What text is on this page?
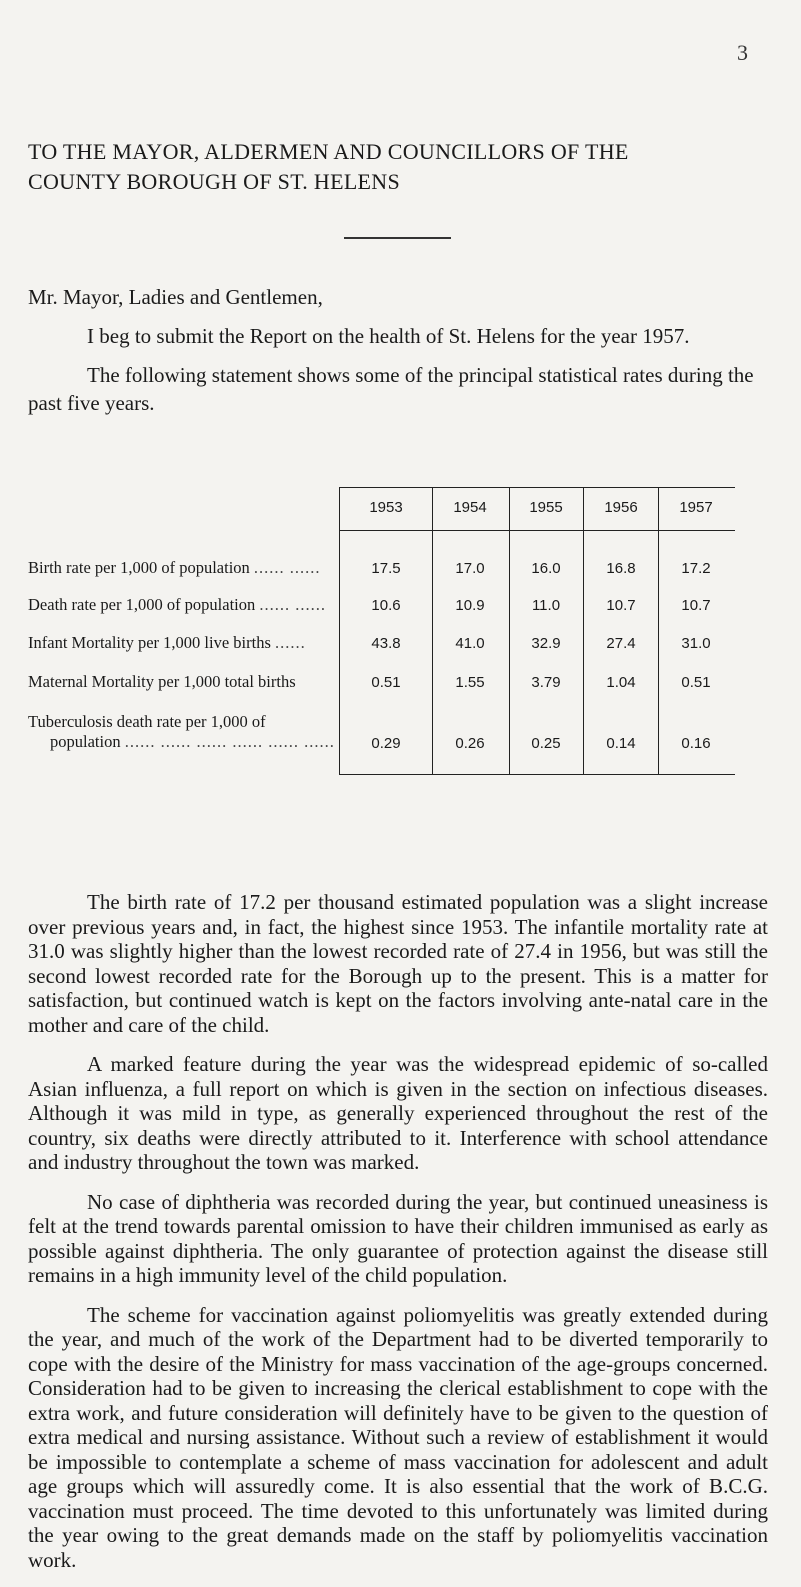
3
TO THE MAYOR, ALDERMEN AND COUNCILLORS OF THE
COUNTY BOROUGH OF ST. HELENS
Mr. Mayor, Ladies and Gentlemen,

I beg to submit the Report on the health of St. Helens for the year 1957.

The following statement shows some of the principal statistical rates during the past five years.

1953	1954	1955	1956	1957
Birth rate per 1,000 of population ...... ......	17.5	17.0	16.0	16.8	17.2
Death rate per 1,000 of population ...... ......	10.6	10.9	11.0	10.7	10.7
Infant Mortality per 1,000 live births ......	43.8	41.0	32.9	27.4	31.0
Maternal Mortality per 1,000 total births	0.51	1.55	3.79	1.04	0.51
Tuberculosis death rate per 1,000 of
population ...... ...... ...... ...... ...... ......	0.29	0.26	0.25	0.14	0.16

The birth rate of 17.2 per thousand estimated population was a slight increase over previous years and, in fact, the highest since 1953. The infantile mortality rate at 31.0 was slightly higher than the lowest recorded rate of 27.4 in 1956, but was still the second lowest recorded rate for the Borough up to the present. This is a matter for satisfaction, but continued watch is kept on the factors involving ante-natal care in the mother and care of the child.

A marked feature during the year was the widespread epidemic of so-called Asian influenza, a full report on which is given in the section on infectious diseases. Although it was mild in type, as generally experienced throughout the rest of the country, six deaths were directly attributed to it. Interference with school attendance and industry throughout the town was marked.

No case of diphtheria was recorded during the year, but continued uneasiness is felt at the trend towards parental omission to have their children immunised as early as possible against diphtheria. The only guarantee of protection against the disease still remains in a high immunity level of the child population.

The scheme for vaccination against poliomyelitis was greatly extended during the year, and much of the work of the Department had to be diverted temporarily to cope with the desire of the Ministry for mass vaccination of the age-groups concerned. Consideration had to be given to increasing the clerical establishment to cope with the extra work, and future consideration will definitely have to be given to the question of extra medical and nursing assistance. Without such a review of establishment it would be impossible to contemplate a scheme of mass vaccination for adolescent and adult age groups which will assuredly come. It is also essential that the work of B.C.G. vaccination must proceed. The time devoted to this unfortunately was limited during the year owing to the great demands made on the staff by poliomyelitis vaccination work.
